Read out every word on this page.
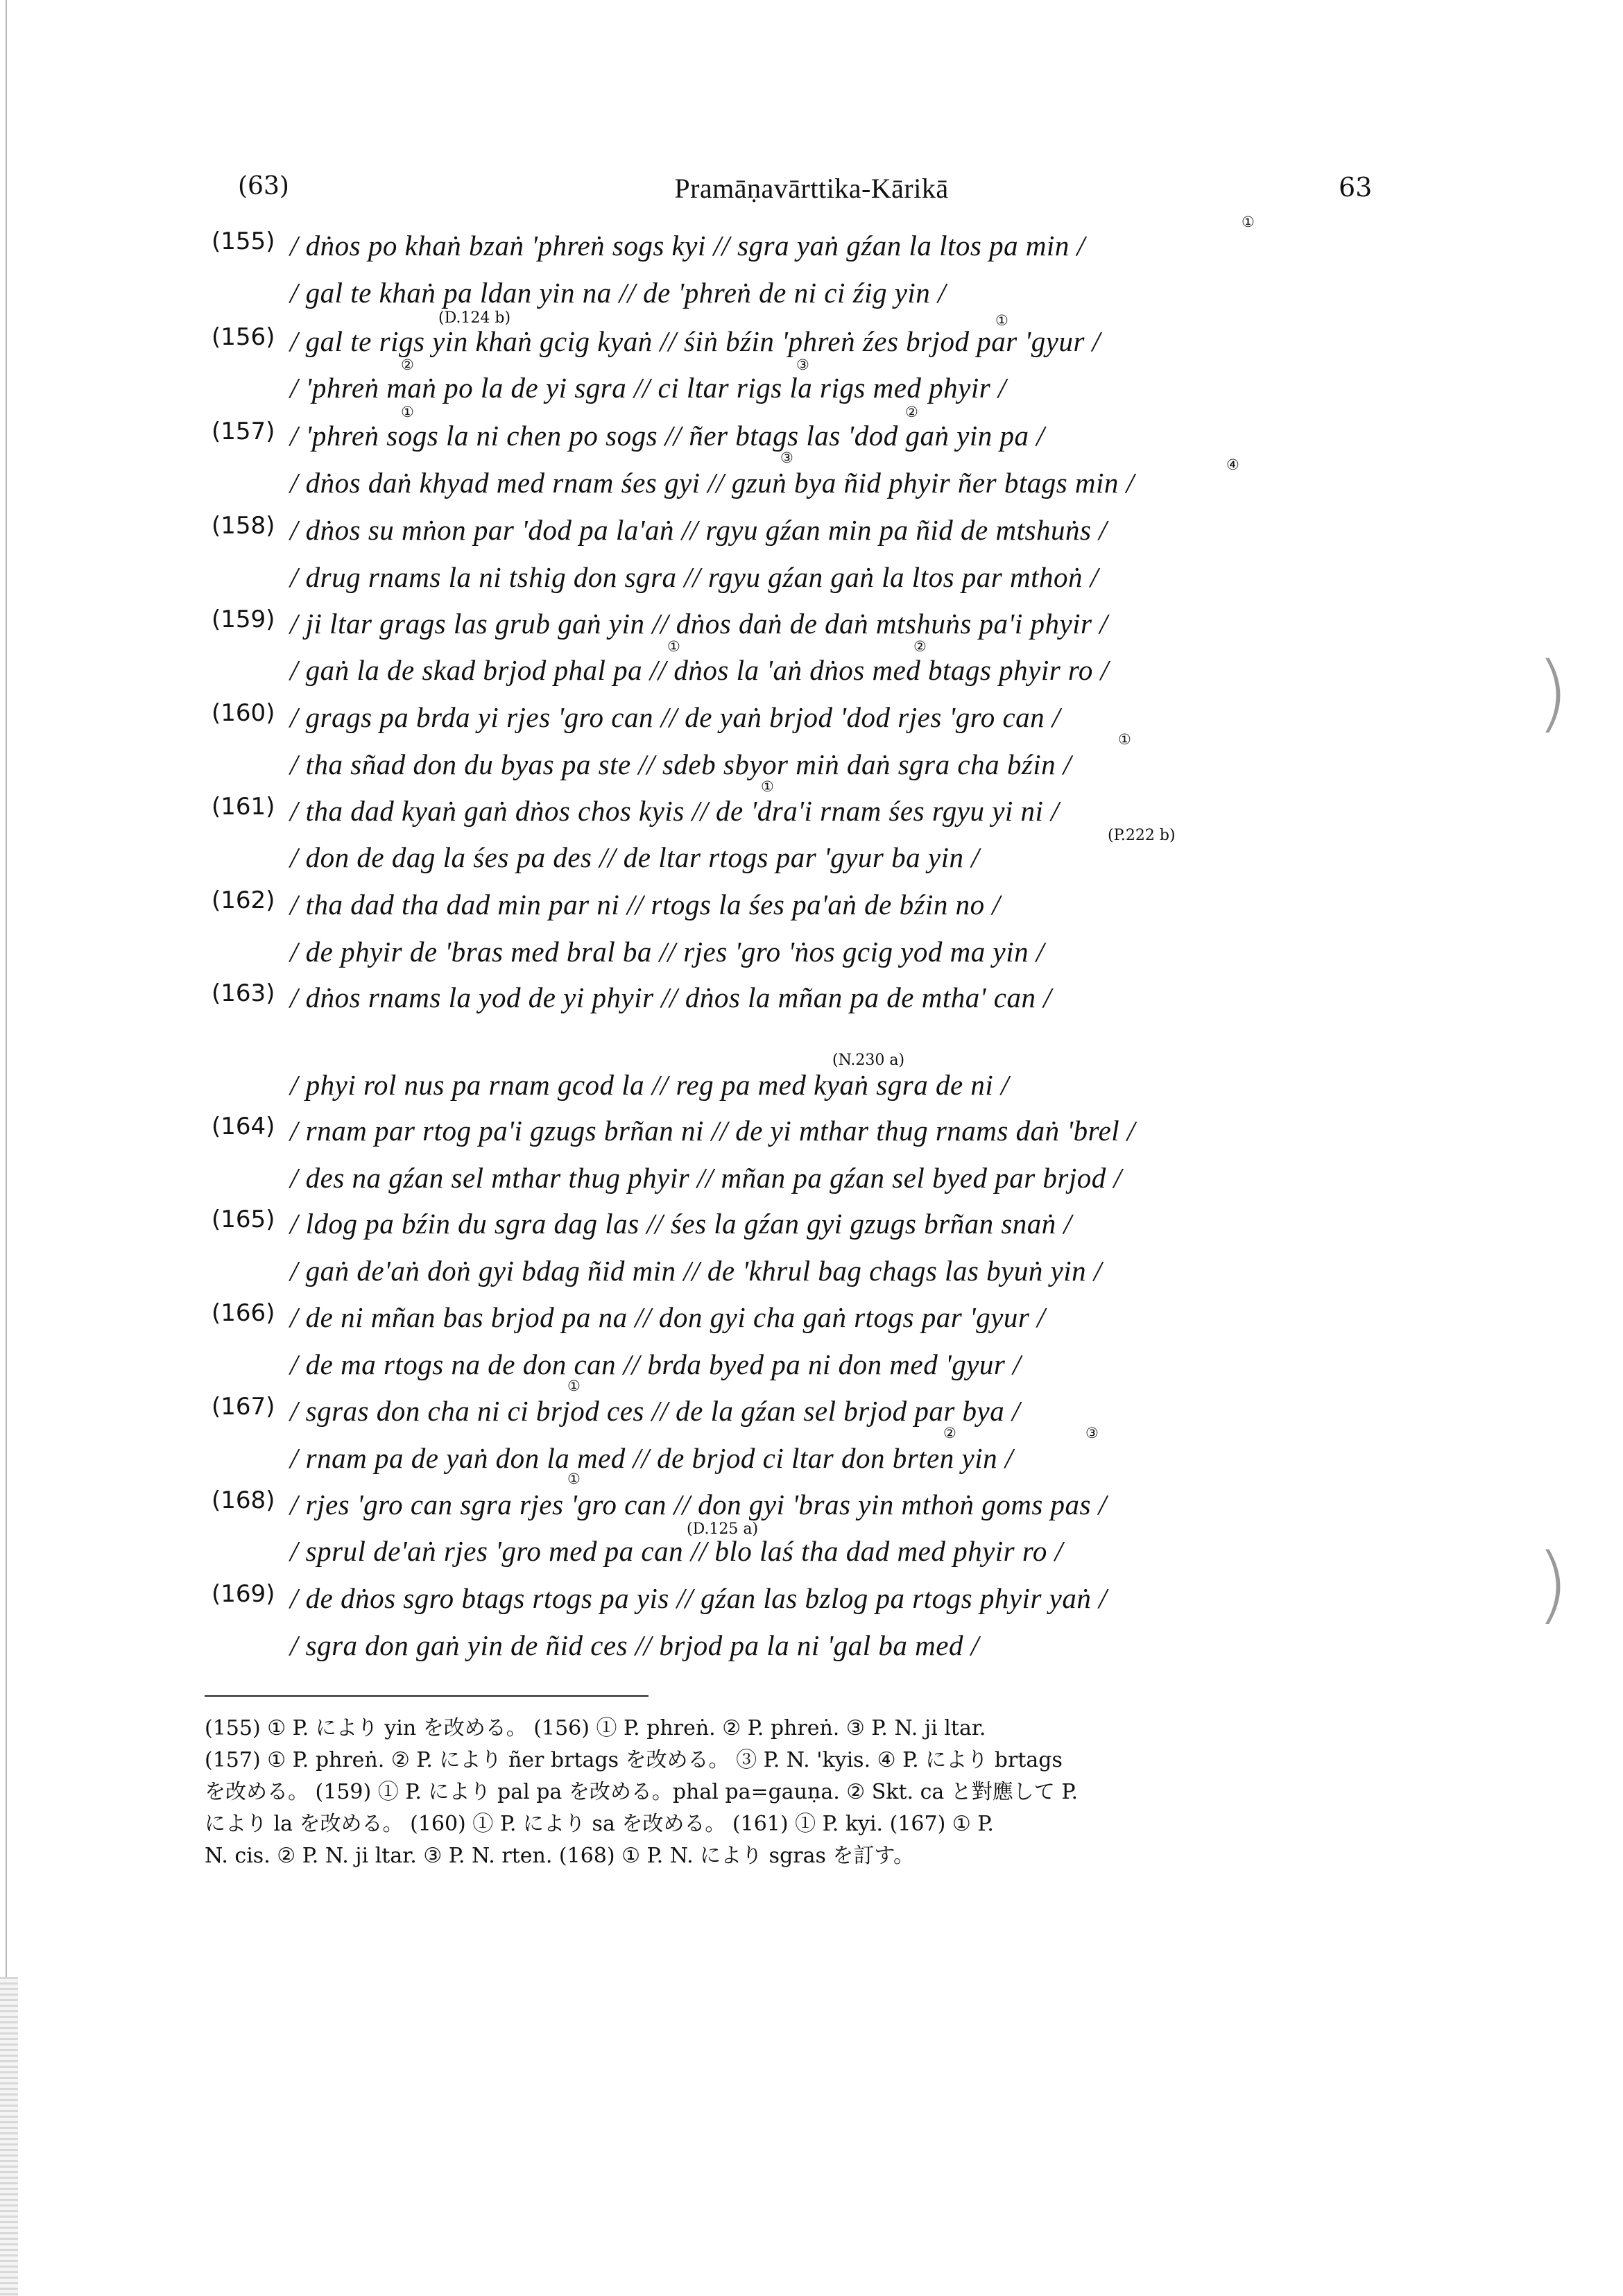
)
)
(63)	Pramāṇavārttika-Kārikā	63
(155) / dṅos po khaṅ bzaṅ 'phreṅ sogs kyi // sgra yaṅ gźan la ltos pa min /
/ gal te khaṅ pa ldan yin na // de 'phreṅ de ni ci źig yin /
①
(D.124 b)	①
(156) / gal te rigs yin khaṅ gcig kyaṅ // śiṅ bźin 'phreṅ źes brjod par 'gyur /
②	③
/ 'phreṅ maṅ po la de yi sgra // ci ltar rigs la rigs med phyir /
①	②
(157) / 'phreṅ sogs la ni chen po sogs // ñer btags las 'dod gaṅ yin pa /
③	④
/ dṅos daṅ khyad med rnam śes gyi // gzuṅ bya ñid phyir ñer btags min /
(158) / dṅos su mṅon par 'dod pa la'aṅ // rgyu gźan min pa ñid de mtshuṅs /
/ drug rnams la ni tshig don sgra // rgyu gźan gaṅ la ltos par mthoṅ /
(159) / ji ltar grags las grub gaṅ yin // dṅos daṅ de daṅ mtshuṅs pa'i phyir /
①	②
/ gaṅ la de skad brjod phal pa // dṅos la 'aṅ dṅos med btags phyir ro /
(160) / grags pa brda yi rjes 'gro can // de yaṅ brjod 'dod rjes 'gro can /
①
/ tha sñad don du byas pa ste // sdeb sbyor miṅ daṅ sgra cha bźin /
①
(161) / tha dad kyaṅ gaṅ dṅos chos kyis // de 'dra'i rnam śes rgyu yi ni /
(P.222 b)
/ don de dag la śes pa des // de ltar rtogs par 'gyur ba yin /
(162) / tha dad tha dad min par ni // rtogs la śes pa'aṅ de bźin no /
/ de phyir de 'bras med bral ba // rjes 'gro 'ṅos gcig yod ma yin /
(163) / dṅos rnams la yod de yi phyir // dṅos la mñan pa de mtha' can /
(N.230 a)
/ phyi rol nus pa rnam gcod la // reg pa med kyaṅ sgra de ni /
(164) / rnam par rtog pa'i gzugs brñan ni // de yi mthar thug rnams daṅ 'brel /
/ des na gźan sel mthar thug phyir // mñan pa gźan sel byed par brjod /
(165) / ldog pa bźin du sgra dag las // śes la gźan gyi gzugs brñan snaṅ /
/ gaṅ de'aṅ doṅ gyi bdag ñid min // de 'khrul bag chags las byuṅ yin /
(166) / de ni mñan bas brjod pa na // don gyi cha gaṅ rtogs par 'gyur /
/ de ma rtogs na de don can // brda byed pa ni don med 'gyur /
①
(167) / sgras don cha ni ci brjod ces // de la gźan sel brjod par bya /
②	③
/ rnam pa de yaṅ don la med // de brjod ci ltar don brten yin /
①
(168) / rjes 'gro can sgra rjes 'gro can // don gyi 'bras yin mthoṅ goms pas /
(D.125 a)
/ sprul de'aṅ rjes 'gro med pa can // blo laś tha dad med phyir ro /
(169) / de dṅos sgro btags rtogs pa yis // gźan las bzlog pa rtogs phyir yaṅ /
/ sgra don gaṅ yin de ñid ces // brjod pa la ni 'gal ba med /
(155) ① P. により yin を改める。 (156) ① P. phreṅ. ② P. phreṅ. ③ P. N. ji ltar.
(157) ① P. phreṅ. ② P. により ñer brtags を改める。 ③ P. N. 'kyis. ④ P. により brtags
を改める。 (159) ① P. により pal pa を改める。phal pa=gauṇa. ② Skt. ca と對應して P.
により la を改める。 (160) ① P. により sa を改める。 (161) ① P. kyi. (167) ① P.
N. cis. ② P. N. ji ltar. ③ P. N. rten. (168) ① P. N. により sgras を訂す。
